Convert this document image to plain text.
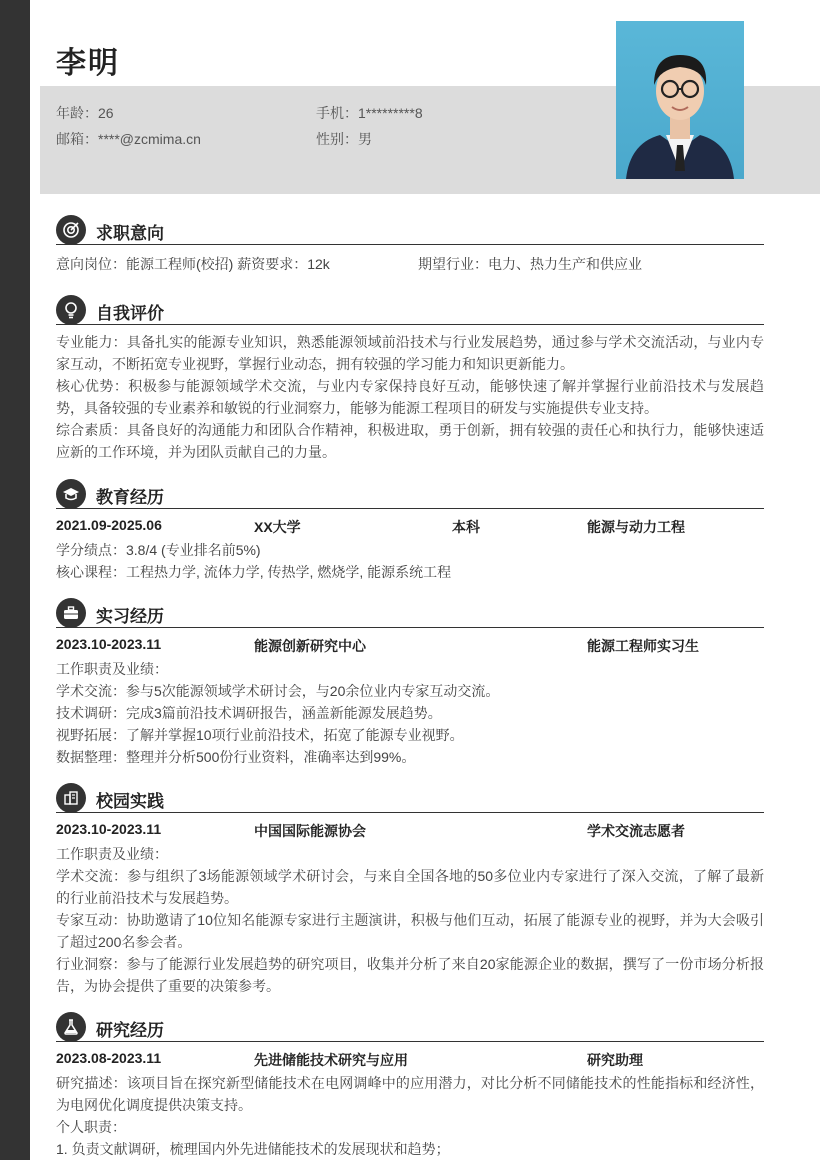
李明
年龄：26	手机：1*********8
邮箱：****@zcmima.cn	性别：男
求职意向
意向岗位：能源工程师(校招) 薪资要求：12k	期望行业：电力、热力生产和供应业
自我评价

专业能力：具备扎实的能源专业知识，熟悉能源领域前沿技术与行业发展趋势，通过参与学术交流活动，与业内专家互动，不断拓宽专业视野，掌握行业动态，拥有较强的学习能力和知识更新能力。

核心优势：积极参与能源领域学术交流，与业内专家保持良好互动，能够快速了解并掌握行业前沿技术与发展趋势，具备较强的专业素养和敏锐的行业洞察力，能够为能源工程项目的研发与实施提供专业支持。

综合素质：具备良好的沟通能力和团队合作精神，积极进取，勇于创新，拥有较强的责任心和执行力，能够快速适应新的工作环境，并为团队贡献自己的力量。

教育经历
2021.09-2025.06	XX大学	本科	能源与动力工程

学分绩点：3.8/4 (专业排名前5%)

核心课程：工程热力学, 流体力学, 传热学, 燃烧学, 能源系统工程

实习经历
2023.10-2023.11	能源创新研究中心	能源工程师实习生

工作职责及业绩：

学术交流：参与5次能源领域学术研讨会，与20余位业内专家互动交流。

技术调研：完成3篇前沿技术调研报告，涵盖新能源发展趋势。

视野拓展：了解并掌握10项行业前沿技术，拓宽了能源专业视野。

数据整理：整理并分析500份行业资料，准确率达到99%。

校园实践
2023.10-2023.11	中国国际能源协会	学术交流志愿者

工作职责及业绩：

学术交流：参与组织了3场能源领域学术研讨会，与来自全国各地的50多位业内专家进行了深入交流，了解了最新的行业前沿技术与发展趋势。

专家互动：协助邀请了10位知名能源专家进行主题演讲，积极与他们互动，拓展了能源专业的视野，并为大会吸引了超过200名参会者。

行业洞察：参与了能源行业发展趋势的研究项目，收集并分析了来自20家能源企业的数据，撰写了一份市场分析报告，为协会提供了重要的决策参考。

研究经历
2023.08-2023.11	先进储能技术研究与应用	研究助理

研究描述：该项目旨在探究新型储能技术在电网调峰中的应用潜力，对比分析不同储能技术的性能指标和经济性，为电网优化调度提供决策支持。

个人职责：

1. 负责文献调研，梳理国内外先进储能技术的发展现状和趋势；
